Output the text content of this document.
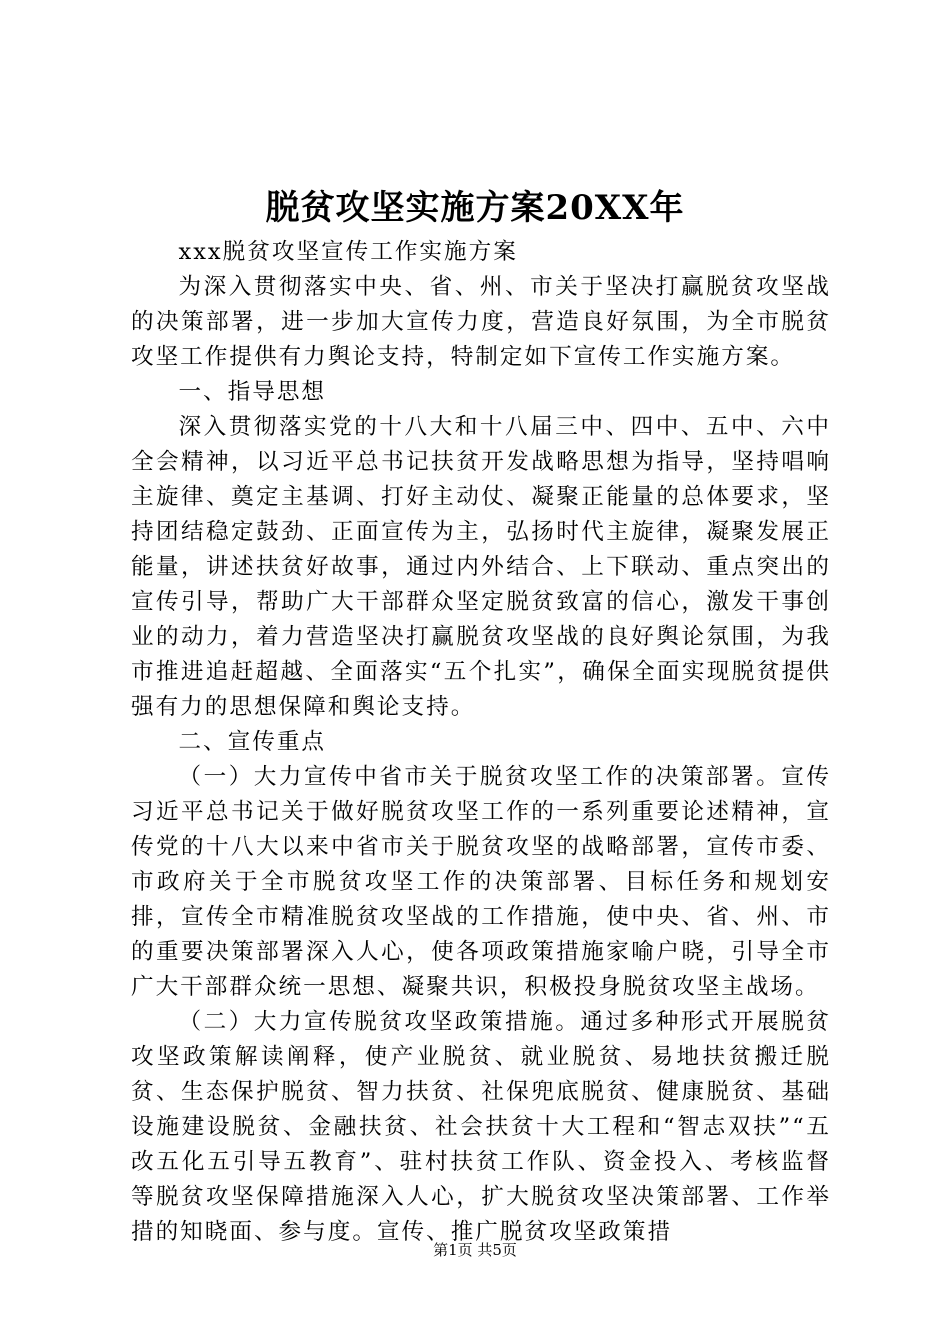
脱贫攻坚实施方案20XX年

xxx脱贫攻坚宣传工作实施方案

为深入贯彻落实中央、省、州、市关于坚决打赢脱贫攻坚战的决策部署，进一步加大宣传力度，营造良好氛围，为全市脱贫攻坚工作提供有力舆论支持，特制定如下宣传工作实施方案。

一、指导思想

深入贯彻落实党的十八大和十八届三中、四中、五中、六中全会精神，以习近平总书记扶贫开发战略思想为指导，坚持唱响主旋律、奠定主基调、打好主动仗、凝聚正能量的总体要求，坚持团结稳定鼓劲、正面宣传为主，弘扬时代主旋律，凝聚发展正能量，讲述扶贫好故事，通过内外结合、上下联动、重点突出的宣传引导，帮助广大干部群众坚定脱贫致富的信心，激发干事创业的动力，着力营造坚决打赢脱贫攻坚战的良好舆论氛围，为我市推进追赶超越、全面落实“五个扎实”，确保全面实现脱贫提供强有力的思想保障和舆论支持。

二、宣传重点

（一）大力宣传中省市关于脱贫攻坚工作的决策部署。宣传习近平总书记关于做好脱贫攻坚工作的一系列重要论述精神，宣传党的十八大以来中省市关于脱贫攻坚的战略部署，宣传市委、市政府关于全市脱贫攻坚工作的决策部署、目标任务和规划安排，宣传全市精准脱贫攻坚战的工作措施，使中央、省、州、市的重要决策部署深入人心，使各项政策措施家喻户晓，引导全市广大干部群众统一思想、凝聚共识，积极投身脱贫攻坚主战场。

（二）大力宣传脱贫攻坚政策措施。通过多种形式开展脱贫攻坚政策解读阐释，使产业脱贫、就业脱贫、易地扶贫搬迁脱贫、生态保护脱贫、智力扶贫、社保兜底脱贫、健康脱贫、基础设施建设脱贫、金融扶贫、社会扶贫十大工程和“智志双扶”“五改五化五引导五教育”、驻村扶贫工作队、资金投入、考核监督等脱贫攻坚保障措施深入人心，扩大脱贫攻坚决策部署、工作举措的知晓面、参与度。宣传、推广脱贫攻坚政策措

第1页 共5页
